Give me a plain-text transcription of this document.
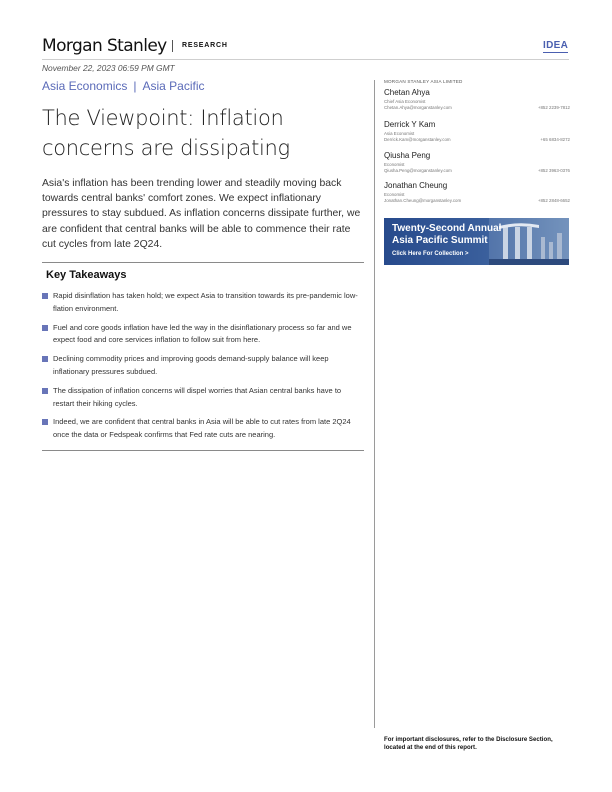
Morgan Stanley RESEARCH	IDEA
November 22, 2023 06:59 PM GMT
Asia Economics | Asia Pacific
The Viewpoint: Inflation concerns are dissipating
Asia's inflation has been trending lower and steadily moving back towards central banks' comfort zones. We expect inflationary pressures to stay subdued. As inflation concerns dissipate further, we are confident that central banks will be able to commence their rate cut cycles from late 2Q24.
Key Takeaways
Rapid disinflation has taken hold; we expect Asia to transition towards its pre-pandemic low-flation environment.
Fuel and core goods inflation have led the way in the disinflationary process so far and we expect food and core services inflation to follow suit from here.
Declining commodity prices and improving goods demand-supply balance will keep inflationary pressures subdued.
The dissipation of inflation concerns will dispel worries that Asian central banks have to restart their hiking cycles.
Indeed, we are confident that central banks in Asia will be able to cut rates from late 2Q24 once the data or Fedspeak confirms that Fed rate cuts are nearing.
MORGAN STANLEY ASIA LIMITED
Chetan Ahya
Chief Asia Economist
Chetan.Ahya@morganstanley.com	+852 2239-7812
Derrick Y Kam
Asia Economist
Derrick.Kam@morganstanley.com	+65 6834-8272
Qiusha Peng
Economist
Qiusha.Peng@morganstanley.com	+852 3963-0376
Jonathan Cheung
Economist
Jonathan.Cheung@morganstanley.com	+852 2848-6652
Twenty-Second Annual
Asia Pacific Summit
Click Here For Collection >
For important disclosures, refer to the Disclosure Section, located at the end of this report.
